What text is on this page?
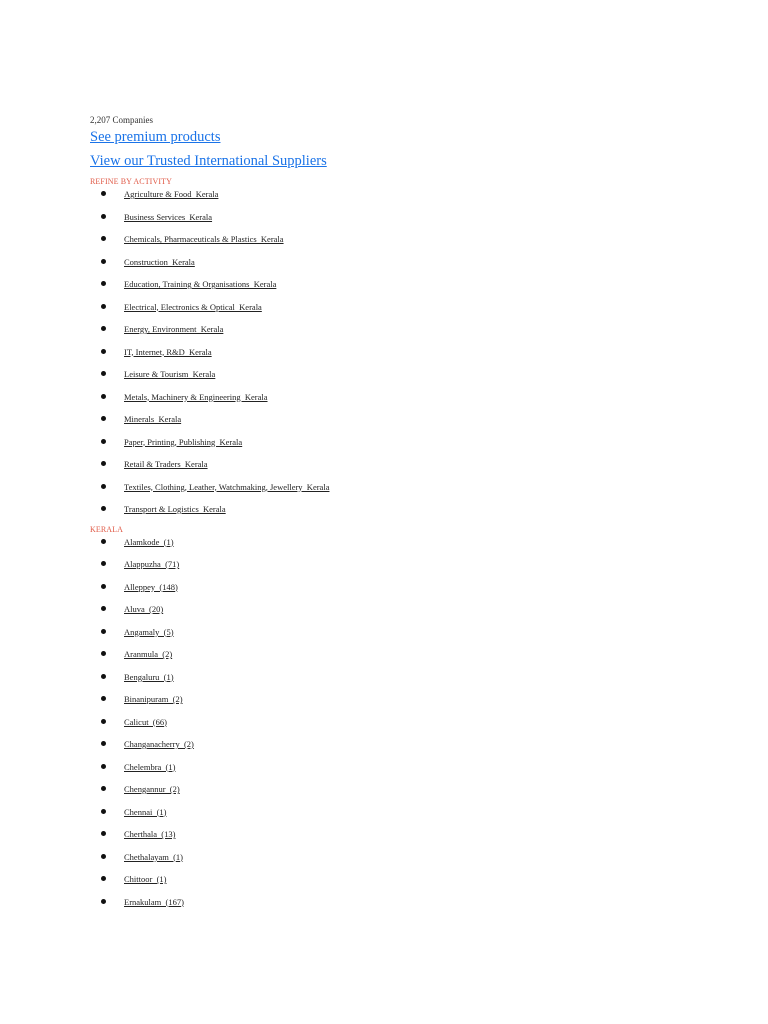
2,207 Companies

See premium products
View our Trusted International Suppliers
REFINE BY ACTIVITY
Agriculture & Food  Kerala
Business Services  Kerala
Chemicals, Pharmaceuticals & Plastics  Kerala
Construction  Kerala
Education, Training & Organisations  Kerala
Electrical, Electronics & Optical  Kerala
Energy, Environment  Kerala
IT, Internet, R&D  Kerala
Leisure & Tourism  Kerala
Metals, Machinery & Engineering  Kerala
Minerals  Kerala
Paper, Printing, Publishing  Kerala
Retail & Traders  Kerala
Textiles, Clothing, Leather, Watchmaking, Jewellery  Kerala
Transport & Logistics  Kerala
KERALA
Alamkode  (1)
Alappuzha  (71)
Alleppey  (148)
Aluva  (20)
Angamaly  (5)
Aranmula  (2)
Bengaluru  (1)
Binanipuram  (2)
Calicut  (66)
Changanacherry  (2)
Chelembra  (1)
Chengannur  (2)
Chennai  (1)
Cherthala  (13)
Chethalayam  (1)
Chittoor  (1)
Ernakulam  (167)
